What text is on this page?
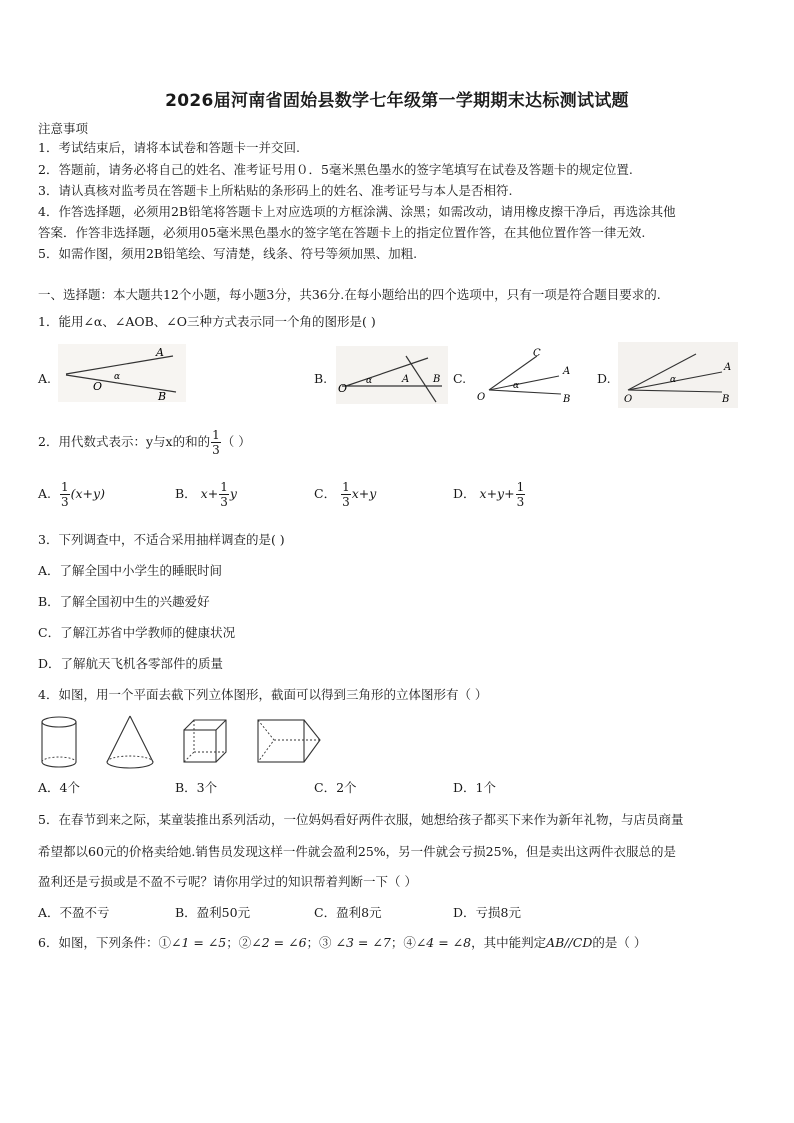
2026届河南省固始县数学七年级第一学期期末达标测试试题
注意事项
1．考试结束后，请将本试卷和答题卡一并交回.
2．答题前，请务必将自己的姓名、准考证号用０．5毫米黑色墨水的签字笔填写在试卷及答题卡的规定位置.
3．请认真核对监考员在答题卡上所粘贴的条形码上的姓名、准考证号与本人是否相符.
4．作答选择题，必须用2B铅笔将答题卡上对应选项的方框涂满、涂黑；如需改动，请用橡皮擦干净后，再选涂其他
答案．作答非选择题，必须用05毫米黑色墨水的签字笔在答题卡上的指定位置作答，在其他位置作答一律无效.
5．如需作图，须用2B铅笔绘、写清楚，线条、符号等须加黑、加粗.
一、选择题：本大题共12个小题，每小题3分，共36分.在每小题给出的四个选项中，只有一项是符合题目要求的.
1．能用∠α、∠AOB、∠O三种方式表示同一个角的图形是( )
A.
A
B
O
α	B.
O
α	A B C.
O
C
A
B
α	D.
O
α
A
B
2．用代数式表示：y与x的和的 $\frac{1}{3}$ （ ）
A. $\frac{1}{3} (x+y)$	B． $x+ \frac{1}{3}$ y	C． $\frac{1}{3} x+y$	D． $x+y+ \frac{1}{3}$
3．下列调查中，不适合采用抽样调查的是( )
A．了解全国中小学生的睡眠时间
B．了解全国初中生的兴趣爱好
C．了解江苏省中学教师的健康状况
D．了解航天飞机各零部件的质量
4．如图，用一个平面去截下列立体图形，截面可以得到三角形的立体图形有（ ）
A．4个	B．3个	C．2个	D．1个
5．在春节到来之际，某童装推出系列活动，一位妈妈看好两件衣服，她想给孩子都买下来作为新年礼物，与店员商量
希望都以60元的价格卖给她.销售员发现这样一件就会盈利25%，另一件就会亏损25%，但是卖出这两件衣服总的是
盈利还是亏损或是不盈不亏呢？请你用学过的知识帮着判断一下（ ）
A．不盈不亏	B．盈利50元	C．盈利8元	D．亏损8元
6．如图，下列条件：①∠1 = ∠5；②∠2 = ∠6；③ ∠3 = ∠7；④∠4 = ∠8，其中能判定AB//CD的是（ ）
